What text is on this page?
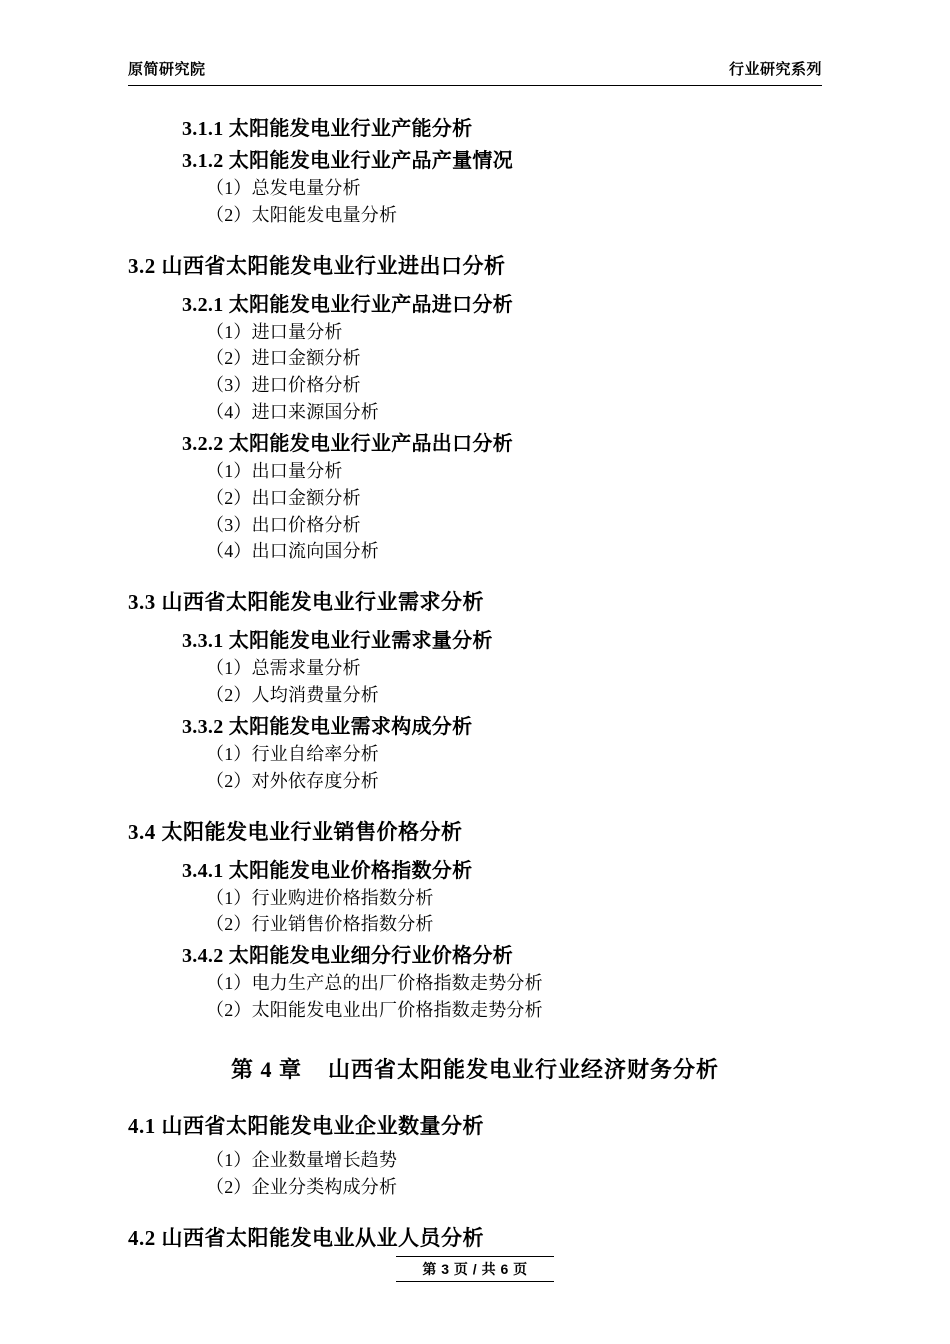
原简研究院	行业研究系列
3.1.1 太阳能发电业行业产能分析
3.1.2 太阳能发电业行业产品产量情况
（1）总发电量分析
（2）太阳能发电量分析
3.2 山西省太阳能发电业行业进出口分析
3.2.1 太阳能发电业行业产品进口分析
（1）进口量分析
（2）进口金额分析
（3）进口价格分析
（4）进口来源国分析
3.2.2 太阳能发电业行业产品出口分析
（1）出口量分析
（2）出口金额分析
（3）出口价格分析
（4）出口流向国分析
3.3 山西省太阳能发电业行业需求分析
3.3.1 太阳能发电业行业需求量分析
（1）总需求量分析
（2）人均消费量分析
3.3.2 太阳能发电业需求构成分析
（1）行业自给率分析
（2）对外依存度分析
3.4 太阳能发电业行业销售价格分析
3.4.1 太阳能发电业价格指数分析
（1）行业购进价格指数分析
（2）行业销售价格指数分析
3.4.2 太阳能发电业细分行业价格分析
（1）电力生产总的出厂价格指数走势分析
（2）太阳能发电业出厂价格指数走势分析
第 4 章 山西省太阳能发电业行业经济财务分析
4.1 山西省太阳能发电业企业数量分析
（1）企业数量增长趋势
（2）企业分类构成分析
4.2 山西省太阳能发电业从业人员分析
第 3 页 / 共 6 页
